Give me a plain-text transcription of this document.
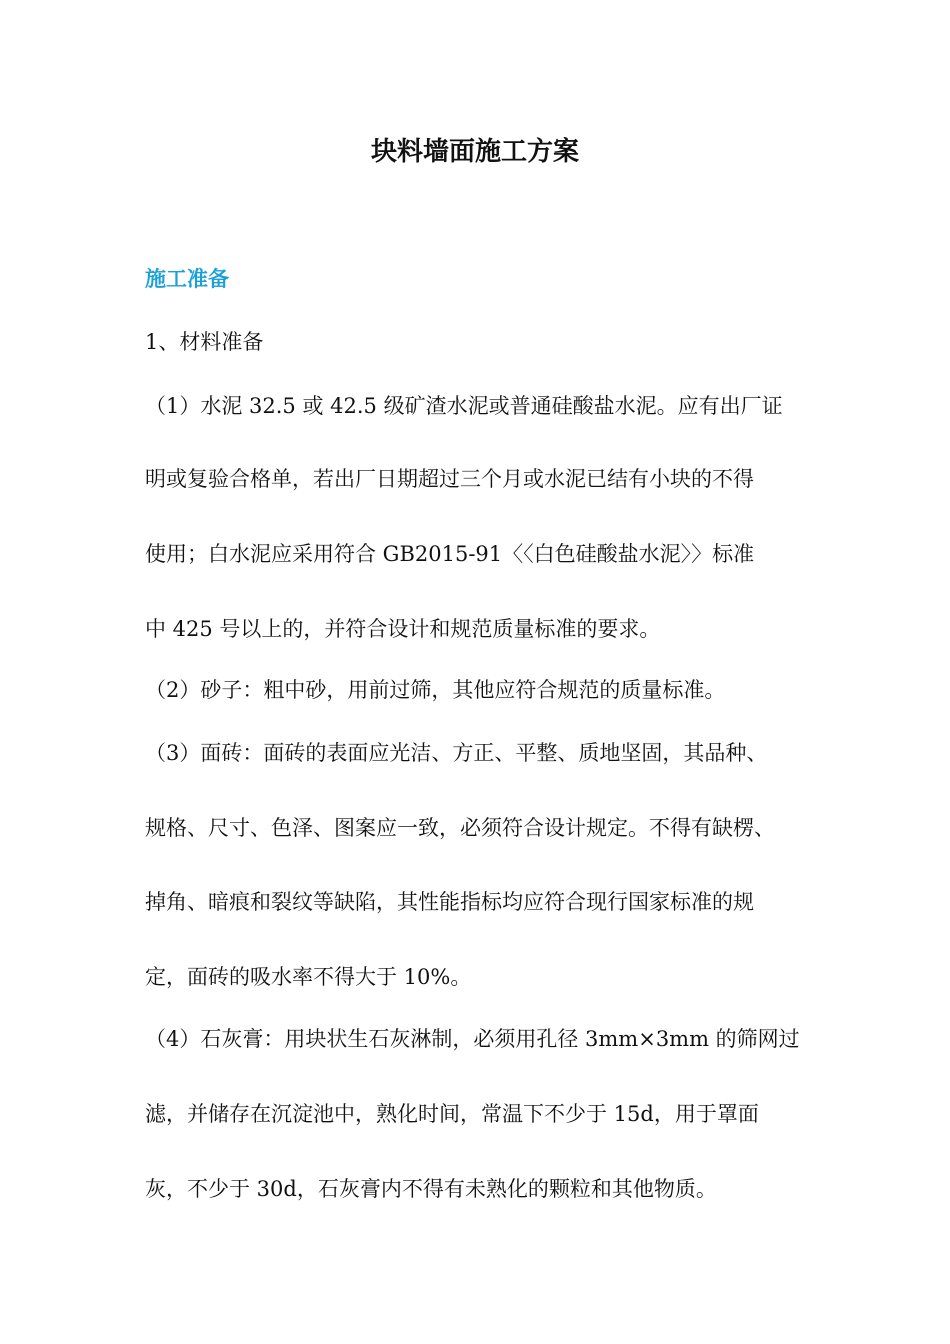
块料墙面施工方案
施工准备
1、材料准备
（1）水泥 32.5 或 42.5 级矿渣水泥或普通硅酸盐水泥。应有出厂证
明或复验合格单，若出厂日期超过三个月或水泥已结有小块的不得
使用；白水泥应采用符合 GB2015-91〈〈白色硅酸盐水泥〉〉标准
中 425 号以上的，并符合设计和规范质量标准的要求。
（2）砂子：粗中砂，用前过筛，其他应符合规范的质量标准。
（3）面砖：面砖的表面应光洁、方正、平整、质地坚固，其品种、
规格、尺寸、色泽、图案应一致，必须符合设计规定。不得有缺楞、
掉角、暗痕和裂纹等缺陷，其性能指标均应符合现行国家标准的规
定，面砖的吸水率不得大于 10%。
（4）石灰膏：用块状生石灰淋制，必须用孔径 3mm×3mm 的筛网过
滤，并储存在沉淀池中，熟化时间，常温下不少于 15d，用于罩面
灰，不少于 30d，石灰膏内不得有未熟化的颗粒和其他物质。
